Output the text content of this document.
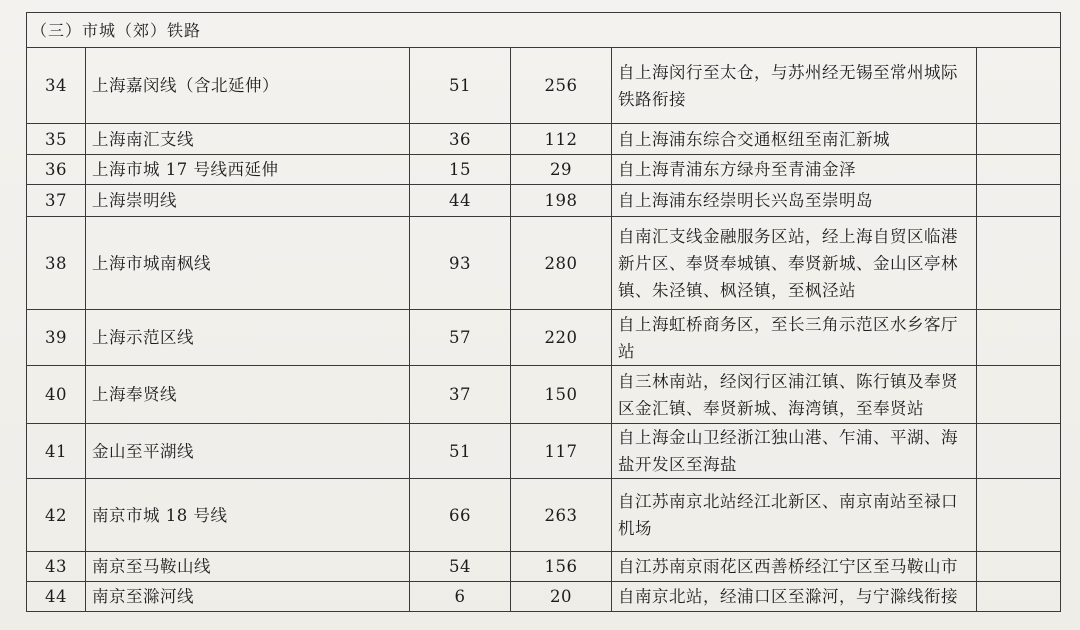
（三）市城（郊）铁路					
34	上海嘉闵线（含北延伸）	51	256	自上海闵行至太仓，与苏州经无锡至常州城际铁路衔接	
35	上海南汇支线	36	112	自上海浦东综合交通枢纽至南汇新城	
36	上海市城 17 号线西延伸	15	29	自上海青浦东方绿舟至青浦金泽	
37	上海崇明线	44	198	自上海浦东经崇明长兴岛至崇明岛	
38	上海市城南枫线	93	280	自南汇支线金融服务区站，经上海自贸区临港新片区、奉贤奉城镇、奉贤新城、金山区亭林镇、朱泾镇、枫泾镇，至枫泾站	
39	上海示范区线	57	220	自上海虹桥商务区，至长三角示范区水乡客厅站	
40	上海奉贤线	37	150	自三林南站，经闵行区浦江镇、陈行镇及奉贤区金汇镇、奉贤新城、海湾镇，至奉贤站	
41	金山至平湖线	51	117	自上海金山卫经浙江独山港、乍浦、平湖、海盐开发区至海盐	
42	南京市城 18 号线	66	263	自江苏南京北站经江北新区、南京南站至禄口机场	
43	南京至马鞍山线	54	156	自江苏南京雨花区西善桥经江宁区至马鞍山市	
44	南京至滁河线	6	20	自南京北站，经浦口区至滁河，与宁滁线衔接	
